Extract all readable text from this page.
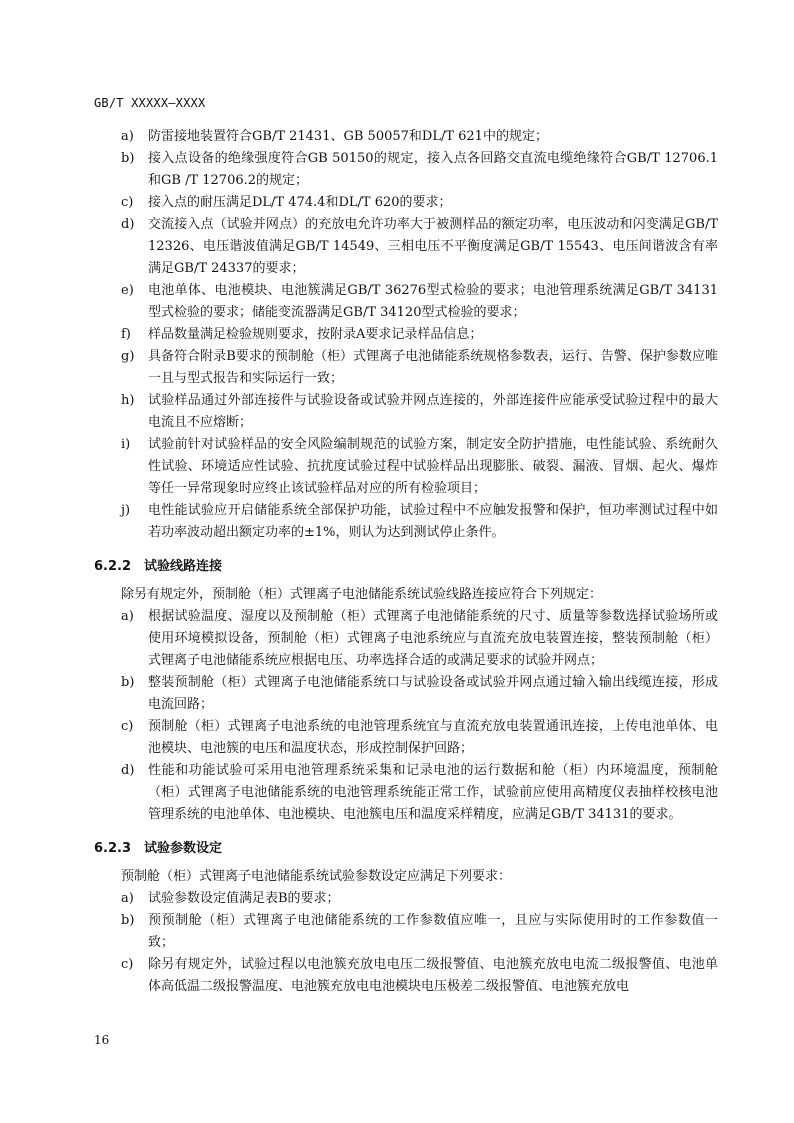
GB/T XXXXX—XXXX
a)	防雷接地装置符合GB/T 21431、GB 50057和DL/T 621中的规定；
b)	接入点设备的绝缘强度符合GB 50150的规定，接入点各回路交直流电缆绝缘符合GB/T 12706.1和GB /T 12706.2的规定；
c)	接入点的耐压满足DL/T 474.4和DL/T 620的要求；
d)	交流接入点（试验并网点）的充放电允许功率大于被测样品的额定功率，电压波动和闪变满足GB/T 12326、电压谐波值满足GB/T 14549、三相电压不平衡度满足GB/T 15543、电压间谐波含有率满足GB/T 24337的要求；
e)	电池单体、电池模块、电池簇满足GB/T 36276型式检验的要求；电池管理系统满足GB/T 34131型式检验的要求；储能变流器满足GB/T 34120型式检验的要求；
f)	样品数量满足检验规则要求，按附录A要求记录样品信息；
g)	具备符合附录B要求的预制舱（柜）式锂离子电池储能系统规格参数表，运行、告警、保护参数应唯一且与型式报告和实际运行一致；
h)	试验样品通过外部连接件与试验设备或试验并网点连接的，外部连接件应能承受试验过程中的最大电流且不应熔断；
i)	试验前针对试验样品的安全风险编制规范的试验方案，制定安全防护措施，电性能试验、系统耐久性试验、环境适应性试验、抗扰度试验过程中试验样品出现膨胀、破裂、漏液、冒烟、起火、爆炸等任一异常现象时应终止该试验样品对应的所有检验项目；
j)	电性能试验应开启储能系统全部保护功能，试验过程中不应触发报警和保护，恒功率测试过程中如若功率波动超出额定功率的±1%，则认为达到测试停止条件。
6.2.2 试验线路连接
除另有规定外，预制舱（柜）式锂离子电池储能系统试验线路连接应符合下列规定：
a)	根据试验温度、湿度以及预制舱（柜）式锂离子电池储能系统的尺寸、质量等参数选择试验场所或使用环境模拟设备，预制舱（柜）式锂离子电池系统应与直流充放电装置连接，整装预制舱（柜）式锂离子电池储能系统应根据电压、功率选择合适的或满足要求的试验并网点；
b)	整装预制舱（柜）式锂离子电池储能系统口与试验设备或试验并网点通过输入输出线缆连接，形成电流回路；
c)	预制舱（柜）式锂离子电池系统的电池管理系统宜与直流充放电装置通讯连接，上传电池单体、电池模块、电池簇的电压和温度状态，形成控制保护回路；
d)	性能和功能试验可采用电池管理系统采集和记录电池的运行数据和舱（柜）内环境温度，预制舱（柜）式锂离子电池储能系统的电池管理系统能正常工作，试验前应使用高精度仪表抽样校核电池管理系统的电池单体、电池模块、电池簇电压和温度采样精度，应满足GB/T 34131的要求。
6.2.3 试验参数设定
预制舱（柜）式锂离子电池储能系统试验参数设定应满足下列要求：
a)	试验参数设定值满足表B的要求；
b)	预预制舱（柜）式锂离子电池储能系统的工作参数值应唯一，且应与实际使用时的工作参数值一致；
c)	除另有规定外，试验过程以电池簇充放电电压二级报警值、电池簇充放电电流二级报警值、电池单体高低温二级报警温度、电池簇充放电电池模块电压极差二级报警值、电池簇充放电
16
